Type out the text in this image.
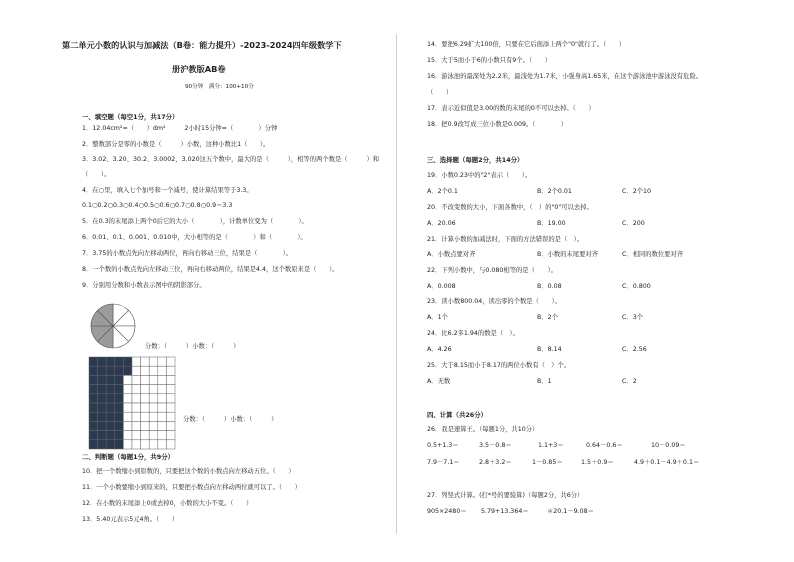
第二单元小数的认识与加减法（B卷：能力提升）-2023-2024四年级数学下
册沪教版AB卷
90分钟　满分：100+10分
一、填空题（每空1分，共17分）
1．12.04cm²=（　　）dm²　　　2小时15分钟=（　　　　）分钟
2．整数部分是零的小数是（　　　）小数，这种小数比1（　　）。
3．3.02、3.20、30.2、3.0002、3.020这五个数中，最大的是（　　　），相等的两个数是（　　　）和
（　　）。
4．在○里，填入七个加号和一个减号，使计算结果等于3.3。
0.1○0.2○0.3○0.4○0.5○0.6○0.7○0.8○0.9＝3.3
5．在0.3的末尾添上两个0后它的大小（　　　　），计数单位变为（　　　　）。
6．0.01、0.1、0.001、0.010中，大小相等的是（　　　　）和（　　　　）。
7．3.75的小数点先向左移动两位，再向右移动三位，结果是（　　　　）。
8．一个数的小数点先向左移动三位，再向右移动两位，结果是4.4，这个数原来是（　　）。
9．分别用分数和小数表示图中的阴影部分。
分数：（　　　）小数：（　　　）
分数：（　　　）小数：（　　　）
二、判断题（每题1分，共9分）
10．把一个数缩小到原数的，只要把这个数的小数点向左移动五位。（　　）
11．一个小数要缩小到原来的，只要把小数点向左移动两位就可以了。（　　）
12．在小数的末尾添上0或去掉0，小数的大小不变。（　　）
13．5.40元表示5元4角。（　　）
14．要把6.29扩大100倍，只要在它后面添上两个"0"就行了。（　　）
15．大于5而小于6的小数只有9个。（　　）
16．游泳池的最深处为2.2米，最浅处为1.7米，小强身高1.65米，在这个游泳池中游泳没有危险。
（　　）
17．表示近似值是3.00的数的末尾的0不可以去掉。（　　）
18．把0.9改写成三位小数是0.009。（　　　　）
三、选择题（每题2分，共14分）
19．小数0.23中的"2"表示（　　）。
A．2个0.1	B．2个0.01	C．2个10
20．不改变数的大小，下面各数中，（　）的"0"可以去掉。
A．20.06	B．19.00	C．200
21．计算小数的加减法时，下面的方法错误的是（　）。
A．小数点要对齐	B．小数的末尾要对齐	C．相同的数位要对齐
22．下列小数中，与0.080相等的是（　　）。
A．0.008	B．0.08	C．0.800
23．读小数800.04，读出零的个数是（　　）。
A．1个	B．2个	C．3个
24．比6.2多1.94的数是（　）。
A．4.26	B．8.14	C．2.56
25．大于8.15而小于8.17的两位小数有（　）个。
A．无数	B．1	C．2
四、计算（共26分）
26．我是速算王。（每题1分，共10分）
0.5+1.3＝	3.5－0.8＝	1.1+3＝	0.64－0.6＝	10－0.09＝
7.9－7.1＝	2.8＋3.2＝	1－0.85＝	1.5＋0.9＝	4.9＋0.1－4.9＋0.1＝
27．列竖式计算。(打*号的要验算)（每题2分，共6分）
905×2480＝ 5.79+13.364＝	＊20.1－9.08＝
